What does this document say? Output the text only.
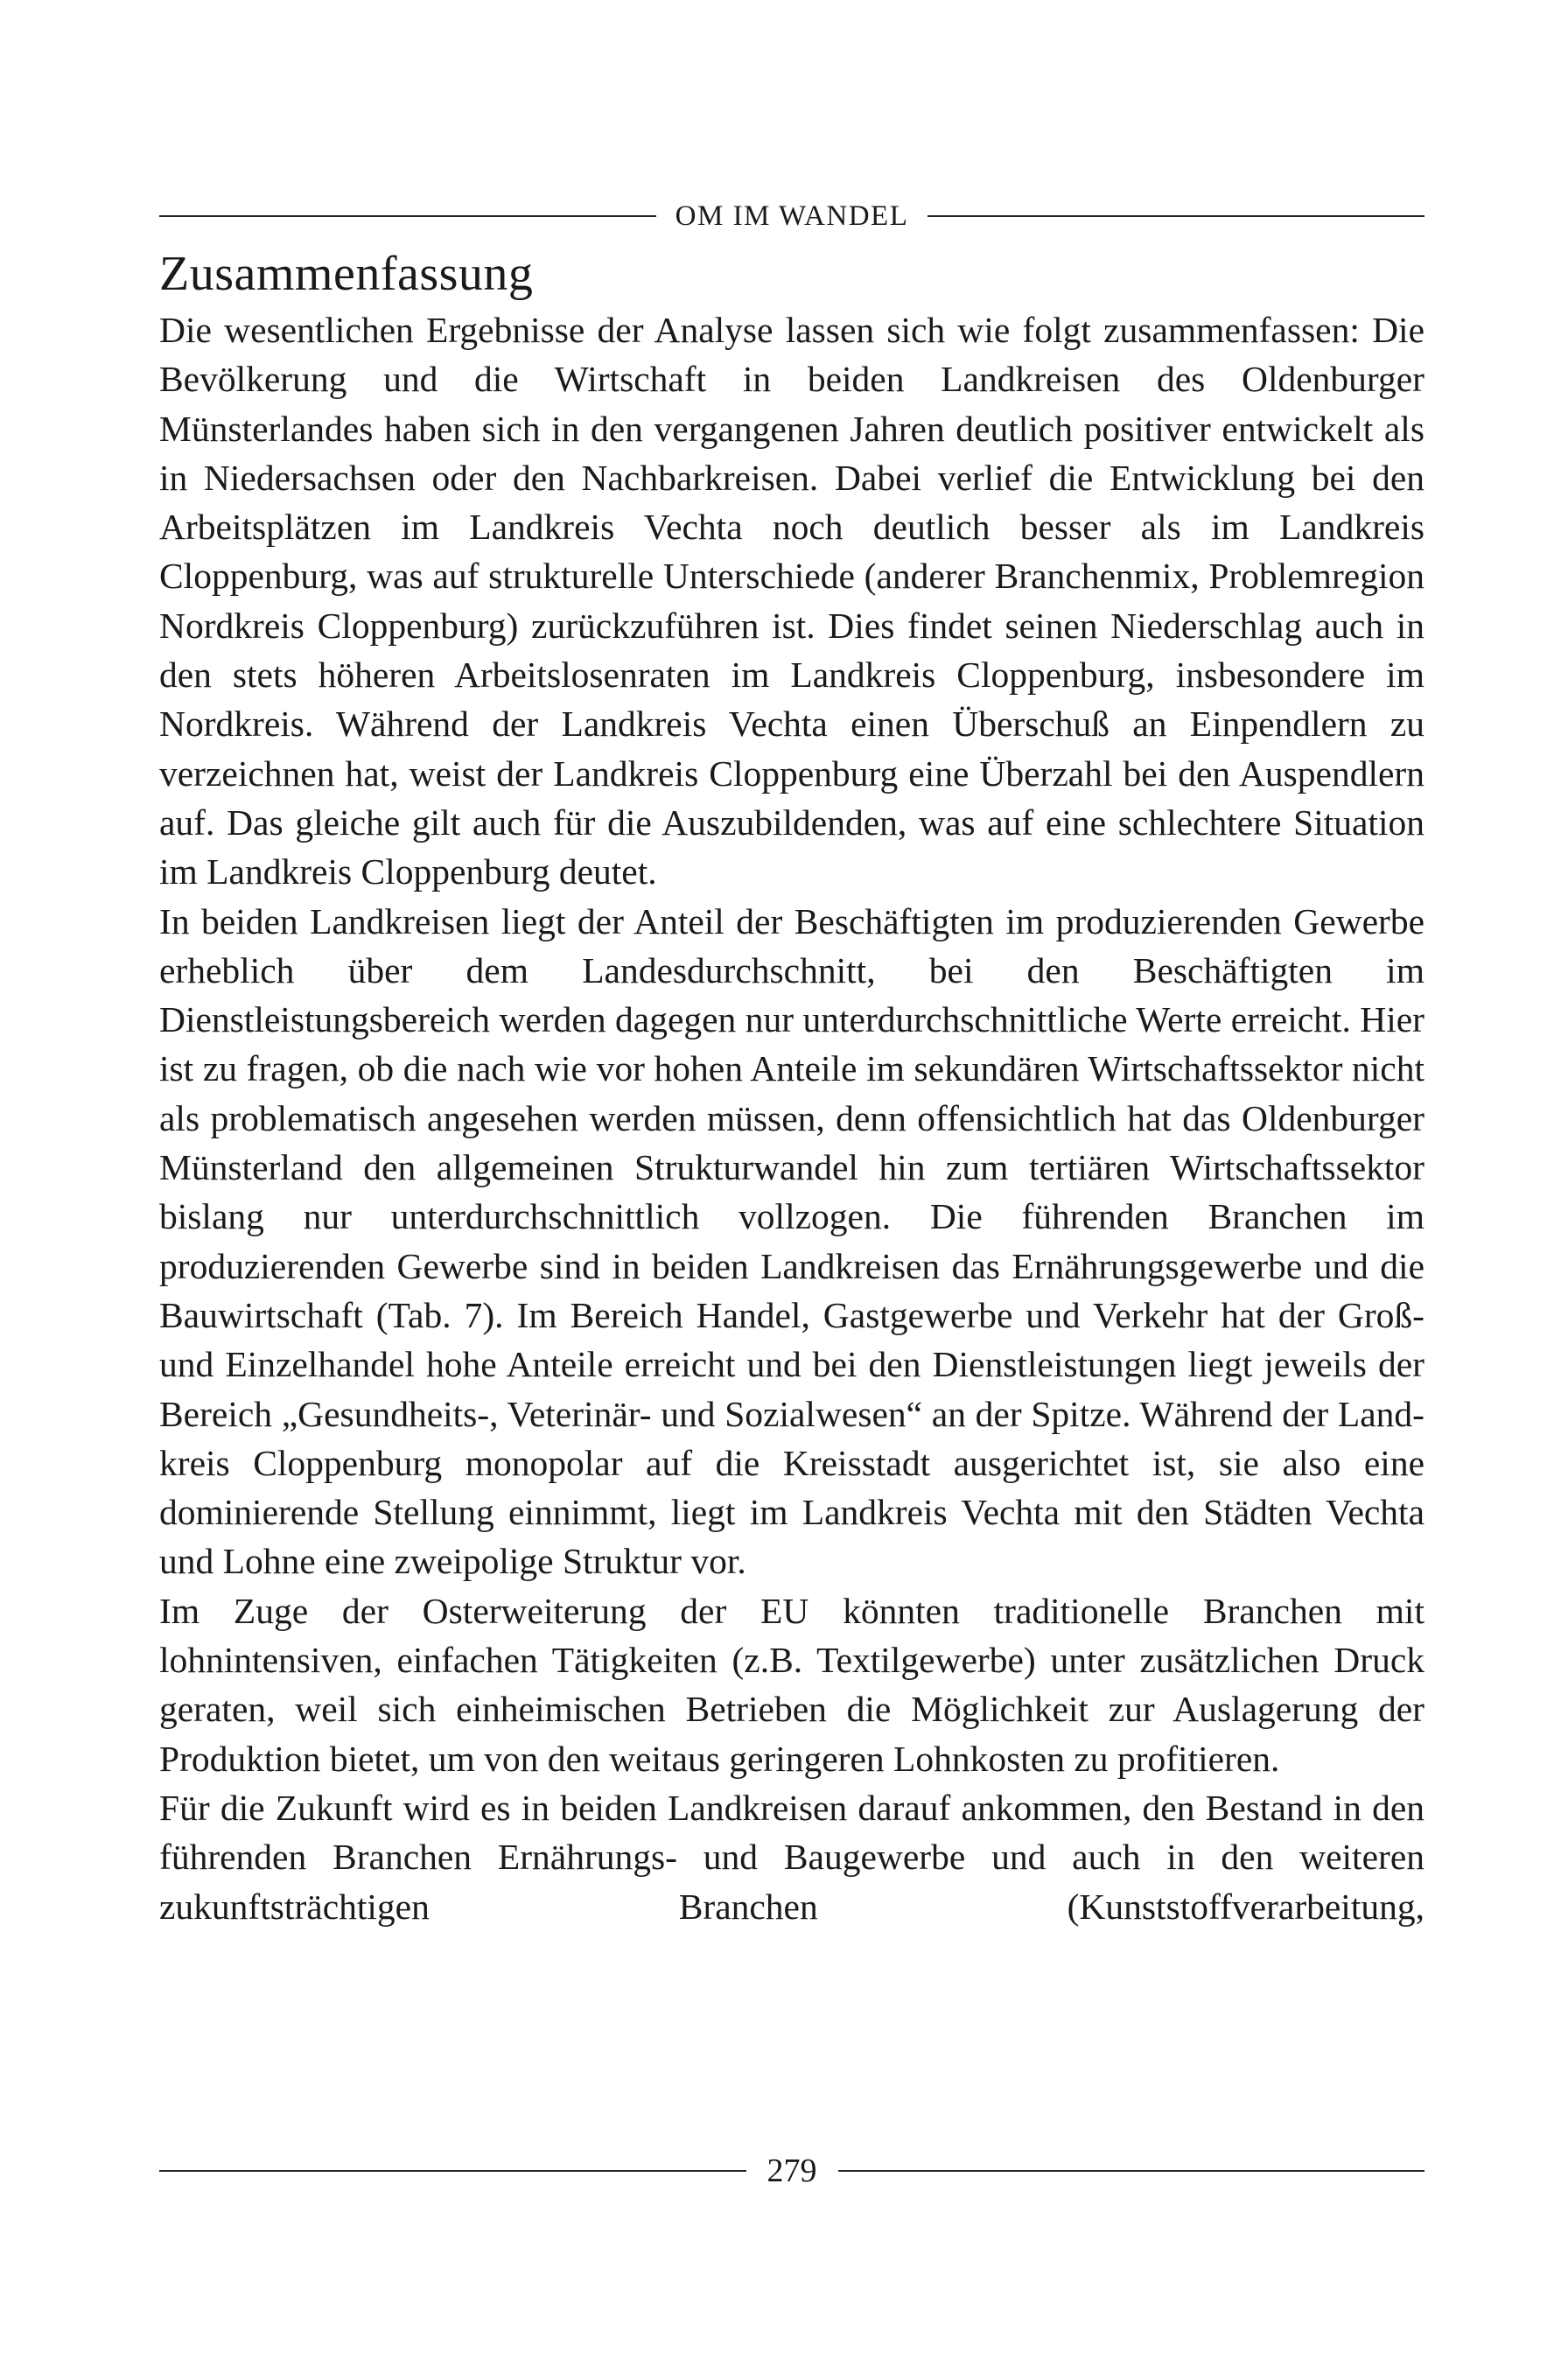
OM IM WANDEL
Zusammenfassung

Die wesentlichen Ergebnisse der Analyse lassen sich wie folgt zusammenfassen: Die Bevölkerung und die Wirtschaft in beiden Landkreisen des Oldenburger Münsterlandes haben sich in den vergangenen Jahren deutlich positiver entwickelt als in Niedersachsen oder den Nachbarkreisen. Dabei verlief die Entwicklung bei den Arbeitsplätzen im Landkreis Vechta noch deutlich besser als im Landkreis Cloppenburg, was auf strukturelle Unterschiede (anderer Branchenmix, Problemregion Nordkreis Cloppenburg) zurückzuführen ist. Dies findet seinen Niederschlag auch in den stets höheren Arbeitslosenraten im Landkreis Cloppenburg, insbesondere im Nordkreis. Während der Landkreis Vechta einen Überschuß an Einpendlern zu verzeichnen hat, weist der Landkreis Cloppenburg eine Überzahl bei den Auspendlern auf. Das gleiche gilt auch für die Auszubildenden, was auf eine schlechtere Situation im Landkreis Cloppenburg deutet.

In beiden Landkreisen liegt der Anteil der Beschäftigten im produzierenden Gewerbe erheblich über dem Landesdurchschnitt, bei den Beschäftigten im Dienstleistungsbereich werden dagegen nur unterdurchschnittliche Werte erreicht. Hier ist zu fragen, ob die nach wie vor hohen Anteile im sekundären Wirtschaftssektor nicht als problematisch angesehen werden müssen, denn offensichtlich hat das Oldenburger Münsterland den allgemeinen Strukturwandel hin zum tertiären Wirtschaftssektor bislang nur unterdurchschnittlich vollzogen. Die führenden Branchen im produzierenden Gewerbe sind in beiden Landkreisen das Ernährungsgewerbe und die Bauwirtschaft (Tab. 7). Im Bereich Handel, Gastgewerbe und Verkehr hat der Groß- und Einzelhandel hohe Anteile erreicht und bei den Dienstleistungen liegt jeweils der Bereich „Gesundheits-, Veterinär- und Sozialwesen“ an der Spitze. Während der Landkreis Cloppenburg monopolar auf die Kreisstadt ausgerichtet ist, sie also eine dominierende Stellung einnimmt, liegt im Landkreis Vechta mit den Städten Vechta und Lohne eine zweipolige Struktur vor.

Im Zuge der Osterweiterung der EU könnten traditionelle Branchen mit lohnintensiven, einfachen Tätigkeiten (z.B. Textilgewerbe) unter zusätzlichen Druck geraten, weil sich einheimischen Betrieben die Möglichkeit zur Auslagerung der Produktion bietet, um von den weitaus geringeren Lohnkosten zu profitieren.

Für die Zukunft wird es in beiden Landkreisen darauf ankommen, den Bestand in den führenden Branchen Ernährungs- und Baugewerbe und auch in den weiteren zukunftsträchtigen Branchen (Kunststoffverarbeitung,

279
